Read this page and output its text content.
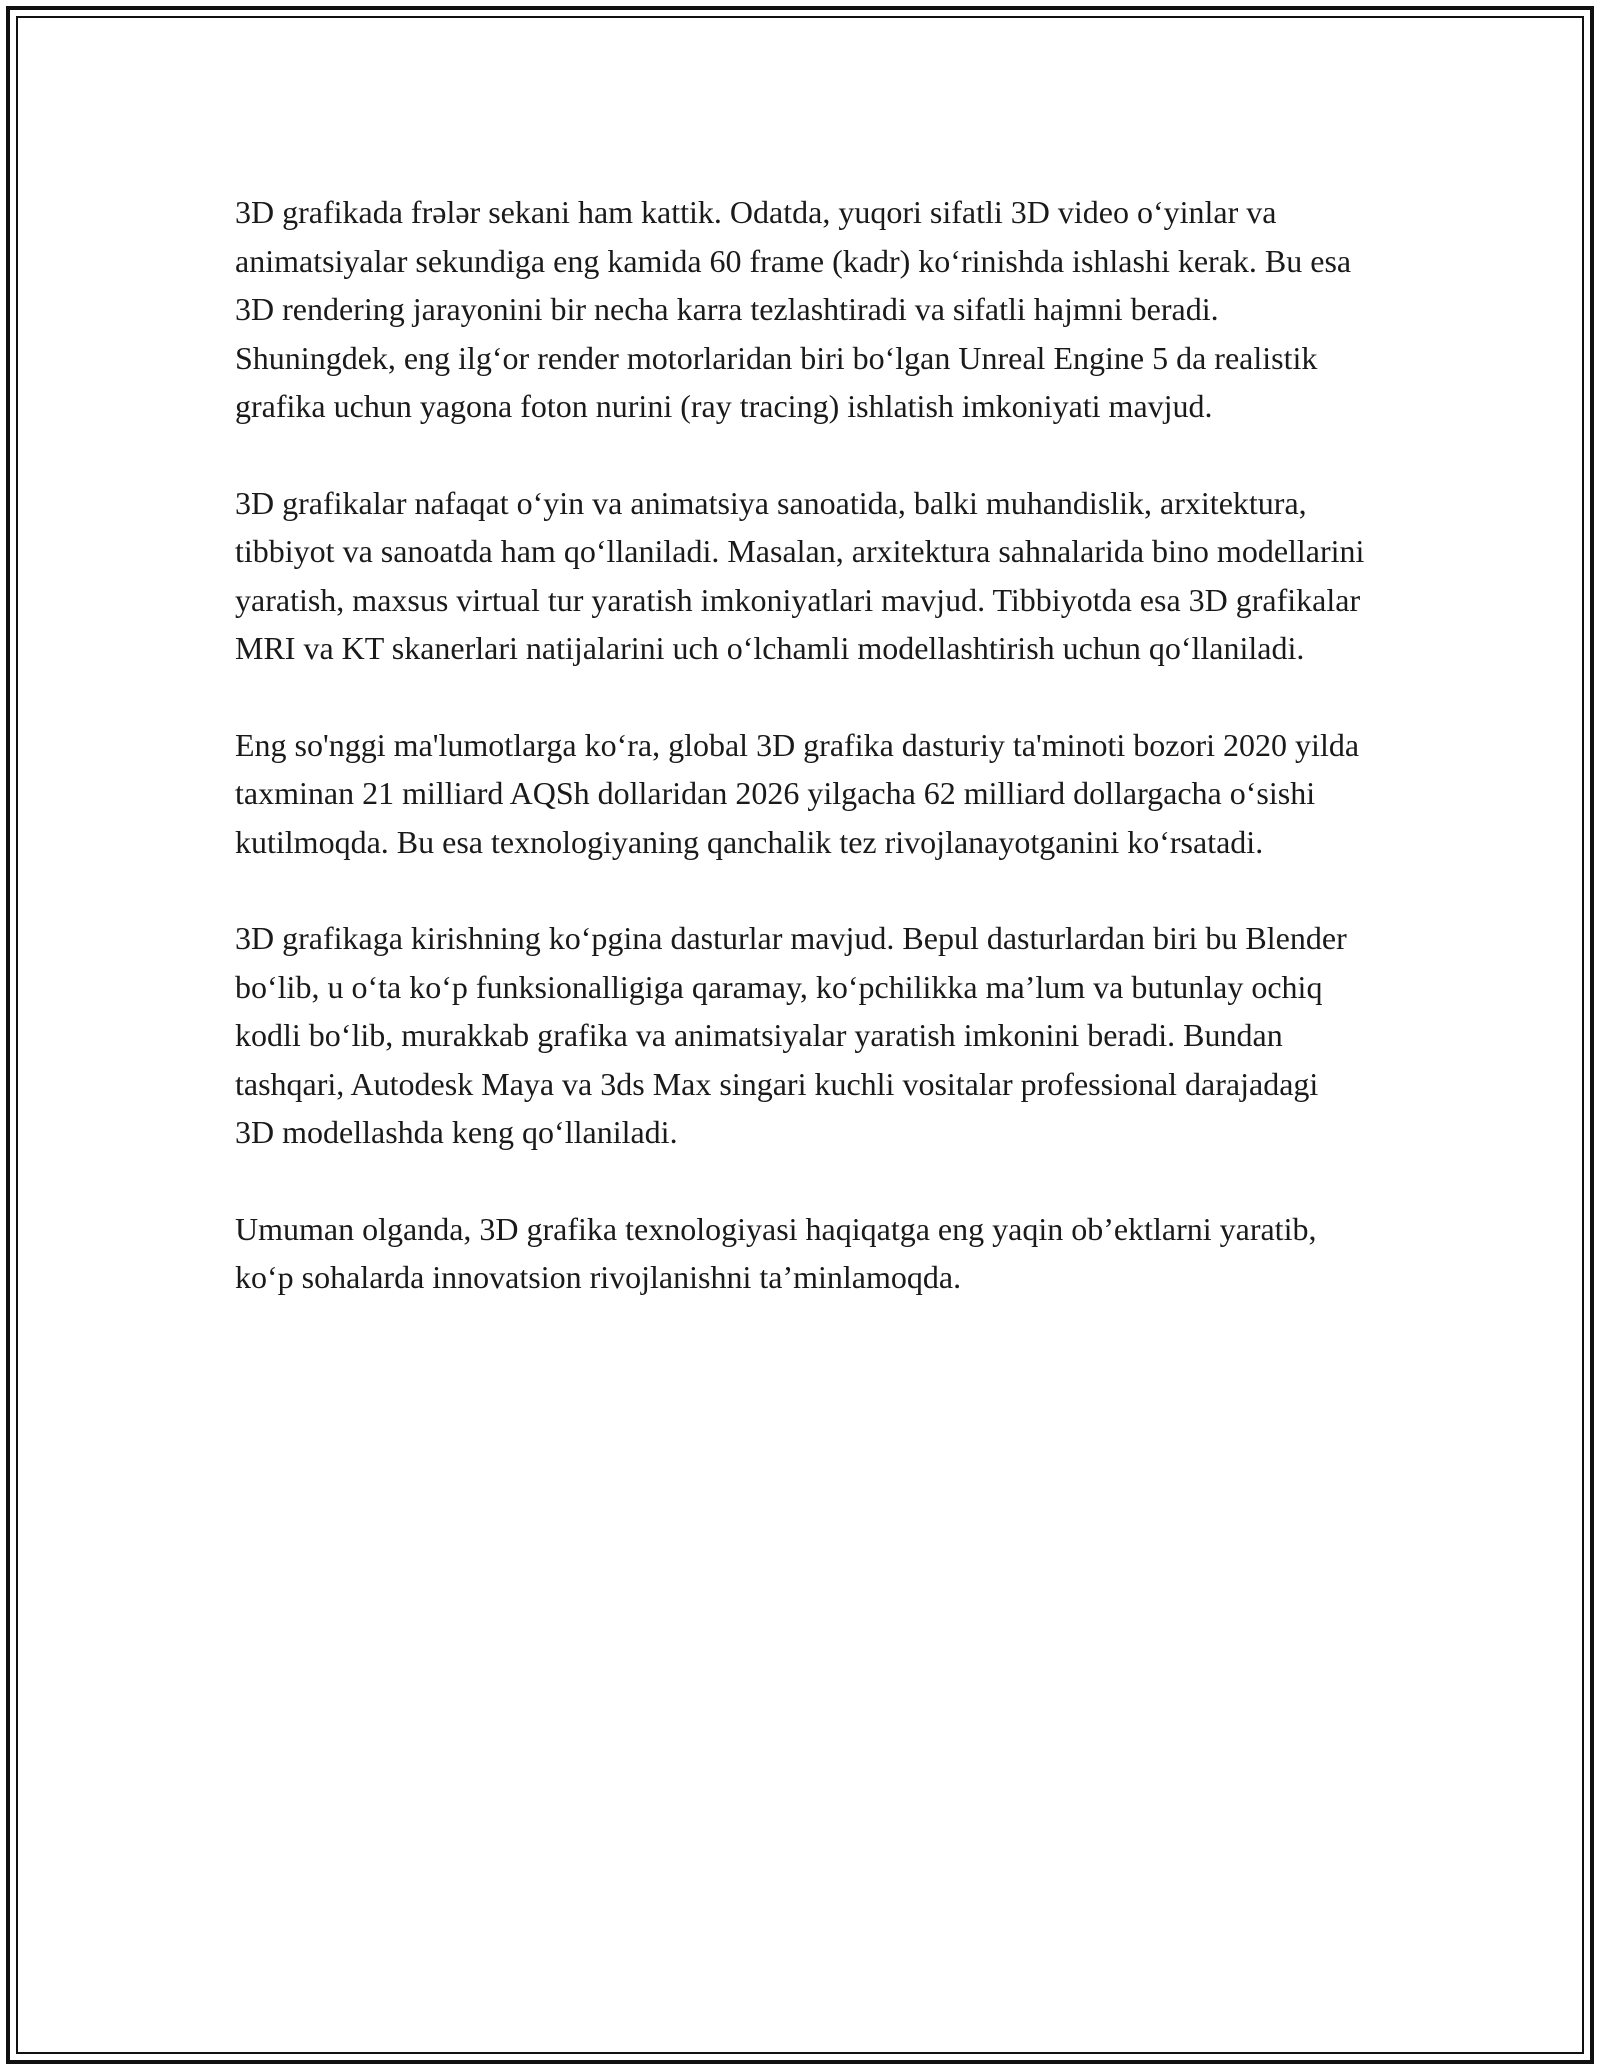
3D grafikada frələr sekani ham kattik. Odatda, yuqori sifatli 3D video o‘yinlar va animatsiyalar sekundiga eng kamida 60 frame (kadr) ko‘rinishda ishlashi kerak. Bu esa 3D rendering jarayonini bir necha karra tezlashtiradi va sifatli hajmni beradi. Shuningdek, eng ilg‘or render motorlaridan biri bo‘lgan Unreal Engine 5 da realistik grafika uchun yagona foton nurini (ray tracing) ishlatish imkoniyati mavjud.

3D grafikalar nafaqat o‘yin va animatsiya sanoatida, balki muhandislik, arxitektura, tibbiyot va sanoatda ham qo‘llaniladi. Masalan, arxitektura sahnalarida bino modellarini yaratish, maxsus virtual tur yaratish imkoniyatlari mavjud. Tibbiyotda esa 3D grafikalar MRI va KT skanerlari natijalarini uch o‘lchamli modellashtirish uchun qo‘llaniladi.

Eng so'nggi ma'lumotlarga ko‘ra, global 3D grafika dasturiy ta'minoti bozori 2020 yilda taxminan 21 milliard AQSh dollaridan 2026 yilgacha 62 milliard dollargacha o‘sishi kutilmoqda. Bu esa texnologiyaning qanchalik tez rivojlanayotganini ko‘rsatadi.

3D grafikaga kirishning ko‘pgina dasturlar mavjud. Bepul dasturlardan biri bu Blender bo‘lib, u o‘ta ko‘p funksionalligiga qaramay, ko‘pchilikka ma’lum va butunlay ochiq kodli bo‘lib, murakkab grafika va animatsiyalar yaratish imkonini beradi. Bundan tashqari, Autodesk Maya va 3ds Max singari kuchli vositalar professional darajadagi 3D modellashda keng qo‘llaniladi.

Umuman olganda, 3D grafika texnologiyasi haqiqatga eng yaqin ob’ektlarni yaratib, ko‘p sohalarda innovatsion rivojlanishni ta’minlamoqda.
